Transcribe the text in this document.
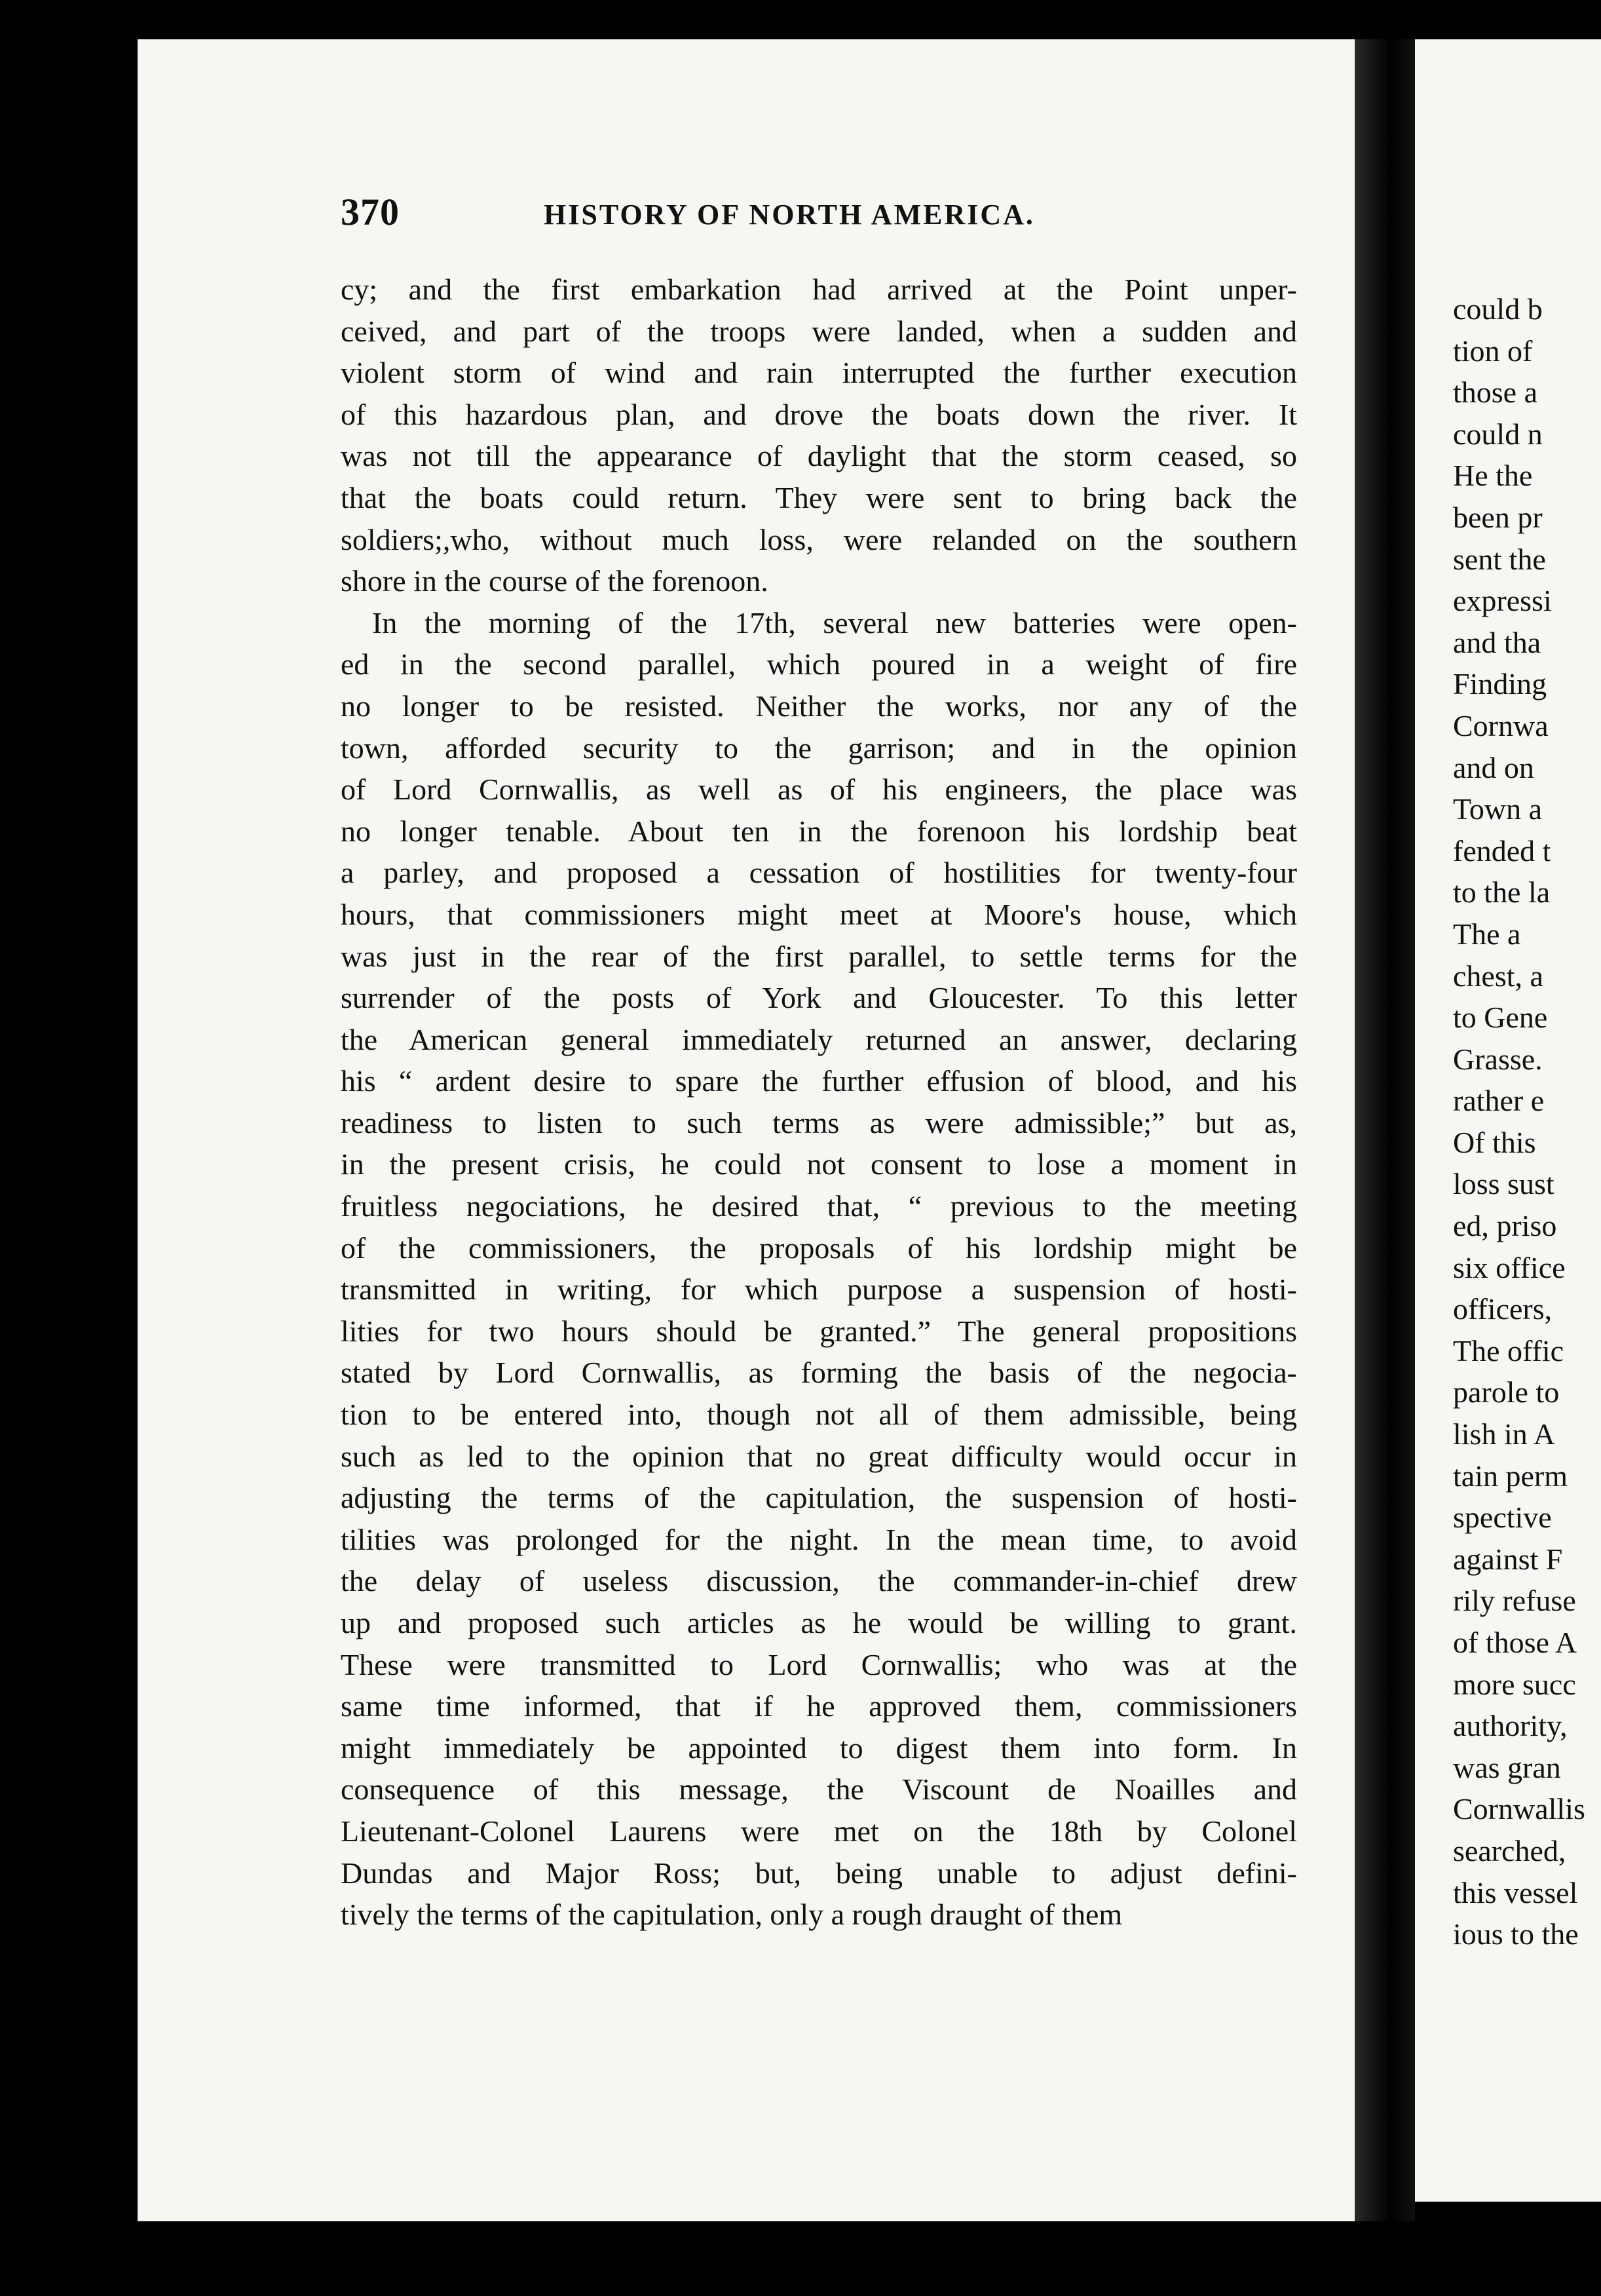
370	HISTORY OF NORTH AMERICA.
cy; and the first embarkation had arrived at the Point unper-
ceived, and part of the troops were landed, when a sudden and
violent storm of wind and rain interrupted the further execution
of this hazardous plan, and drove the boats down the river. It
was not till the appearance of daylight that the storm ceased, so
that the boats could return. They were sent to bring back the
soldiers;,who, without much loss, were relanded on the southern
shore in the course of the forenoon.
In the morning of the 17th, several new batteries were open-
ed in the second parallel, which poured in a weight of fire
no longer to be resisted. Neither the works, nor any of the
town, afforded security to the garrison; and in the opinion
of Lord Cornwallis, as well as of his engineers, the place was
no longer tenable. About ten in the forenoon his lordship beat
a parley, and proposed a cessation of hostilities for twenty-four
hours, that commissioners might meet at Moore's house, which
was just in the rear of the first parallel, to settle terms for the
surrender of the posts of York and Gloucester. To this letter
the American general immediately returned an answer, declaring
his “ ardent desire to spare the further effusion of blood, and his
readiness to listen to such terms as were admissible;” but as,
in the present crisis, he could not consent to lose a moment in
fruitless negociations, he desired that, “ previous to the meeting
of the commissioners, the proposals of his lordship might be
transmitted in writing, for which purpose a suspension of hosti-
lities for two hours should be granted.” The general propositions
stated by Lord Cornwallis, as forming the basis of the negocia-
tion to be entered into, though not all of them admissible, being
such as led to the opinion that no great difficulty would occur in
adjusting the terms of the capitulation, the suspension of hosti-
tilities was prolonged for the night. In the mean time, to avoid
the delay of useless discussion, the commander-in-chief drew
up and proposed such articles as he would be willing to grant.
These were transmitted to Lord Cornwallis; who was at the
same time informed, that if he approved them, commissioners
might immediately be appointed to digest them into form. In
consequence of this message, the Viscount de Noailles and
Lieutenant-Colonel Laurens were met on the 18th by Colonel
Dundas and Major Ross; but, being unable to adjust defini-
tively the terms of the capitulation, only a rough draught of them
could b
tion of
those a
could n
He the
been pr
sent the
expressi
and tha
Finding
Cornwa
and on
Town a
fended t
to the la
The a
chest, a
to Gene
Grasse.
rather e
Of this
loss sust
ed, priso
six office
officers,
The offic
parole to
lish in A
tain perm
spective
against F
rily refuse
of those A
more succ
authority,
was gran
Cornwallis
searched,
this vessel
ious to the
